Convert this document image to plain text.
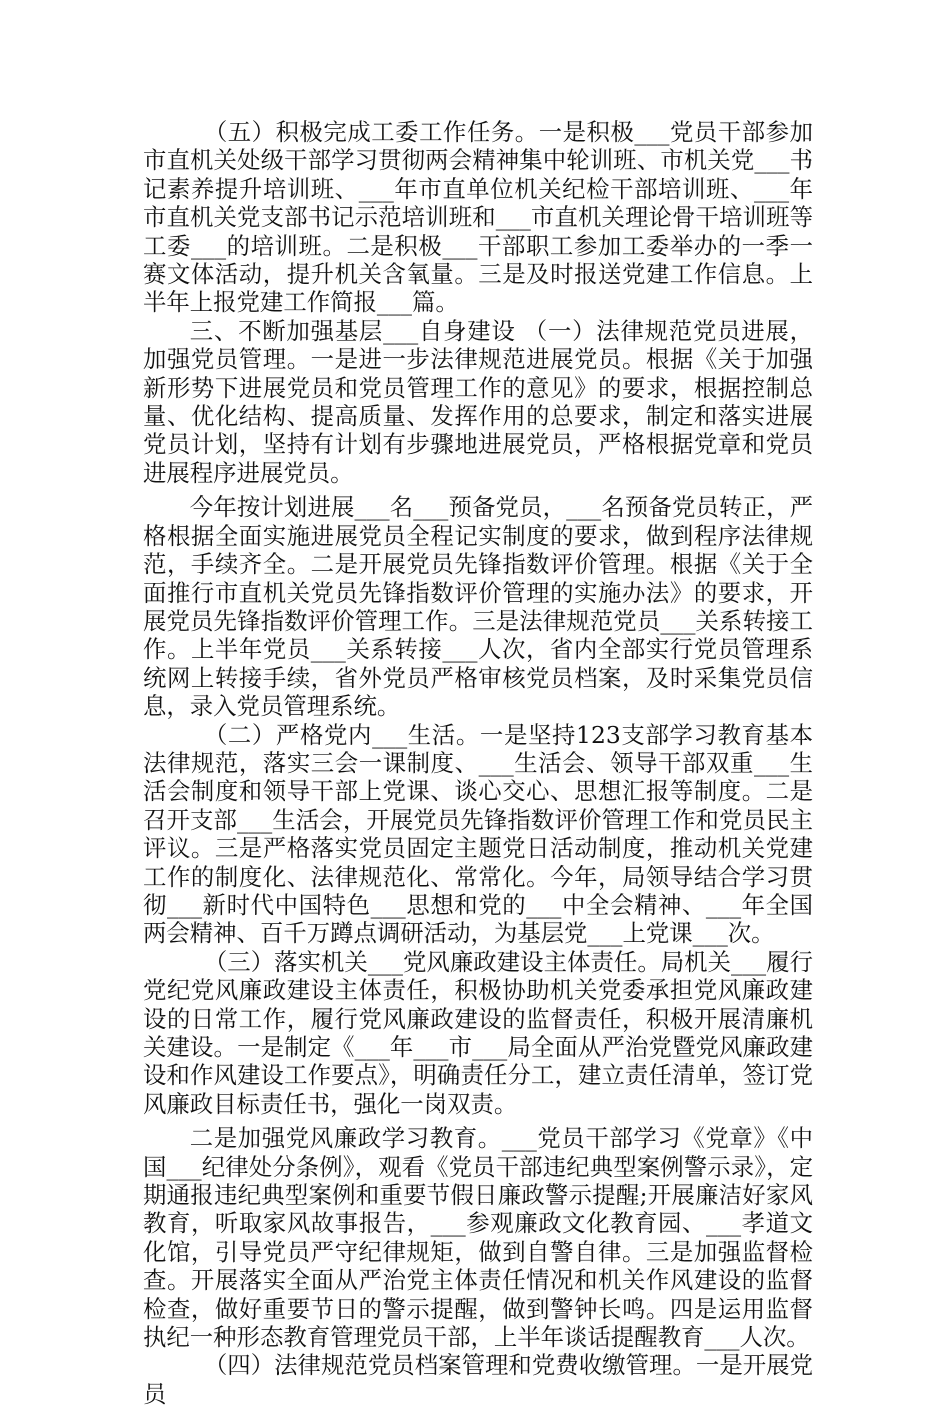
（五）积极完成工委工作任务。一是积极___党员干部参加市直机关处级干部学习贯彻两会精神集中轮训班、市机关党___书记素养提升培训班、___年市直单位机关纪检干部培训班、___年市直机关党支部书记示范培训班和___市直机关理论骨干培训班等工委___的培训班。二是积极___干部职工参加工委举办的一季一赛文体活动，提升机关含氧量。三是及时报送党建工作信息。上半年上报党建工作简报___篇。

三、不断加强基层___自身建设 （一）法律规范党员进展，加强党员管理。一是进一步法律规范进展党员。根据《关于加强新形势下进展党员和党员管理工作的意见》的要求，根据控制总量、优化结构、提高质量、发挥作用的总要求，制定和落实进展党员计划，坚持有计划有步骤地进展党员，严格根据党章和党员进展程序进展党员。

今年按计划进展___名___预备党员，___名预备党员转正，严格根据全面实施进展党员全程记实制度的要求，做到程序法律规范，手续齐全。二是开展党员先锋指数评价管理。根据《关于全面推行市直机关党员先锋指数评价管理的实施办法》的要求，开展党员先锋指数评价管理工作。三是法律规范党员___关系转接工作。上半年党员___关系转接___人次，省内全部实行党员管理系统网上转接手续，省外党员严格审核党员档案，及时采集党员信息，录入党员管理系统。

（二）严格党内___生活。一是坚持123支部学习教育基本法律规范，落实三会一课制度、___生活会、领导干部双重___生活会制度和领导干部上党课、谈心交心、思想汇报等制度。二是召开支部___生活会，开展党员先锋指数评价管理工作和党员民主评议。三是严格落实党员固定主题党日活动制度，推动机关党建工作的制度化、法律规范化、常常化。今年，局领导结合学习贯彻___新时代中国特色___思想和党的___中全会精神、___年全国两会精神、百千万蹲点调研活动，为基层党___上党课___次。

（三）落实机关___党风廉政建设主体责任。局机关___履行党纪党风廉政建设主体责任，积极协助机关党委承担党风廉政建设的日常工作，履行党风廉政建设的监督责任，积极开展清廉机关建设。一是制定《___年___市___局全面从严治党暨党风廉政建设和作风建设工作要点》，明确责任分工，建立责任清单，签订党风廉政目标责任书，强化一岗双责。

二是加强党风廉政学习教育。___党员干部学习《党章》《中国___纪律处分条例》，观看《党员干部违纪典型案例警示录》，定期通报违纪典型案例和重要节假日廉政警示提醒;开展廉洁好家风教育，听取家风故事报告，___参观廉政文化教育园、___孝道文化馆，引导党员严守纪律规矩，做到自警自律。三是加强监督检查。开展落实全面从严治党主体责任情况和机关作风建设的监督检查，做好重要节日的警示提醒，做到警钟长鸣。四是运用监督执纪一种形态教育管理党员干部，上半年谈话提醒教育___人次。

（四）法律规范党员档案管理和党费收缴管理。一是开展党员
